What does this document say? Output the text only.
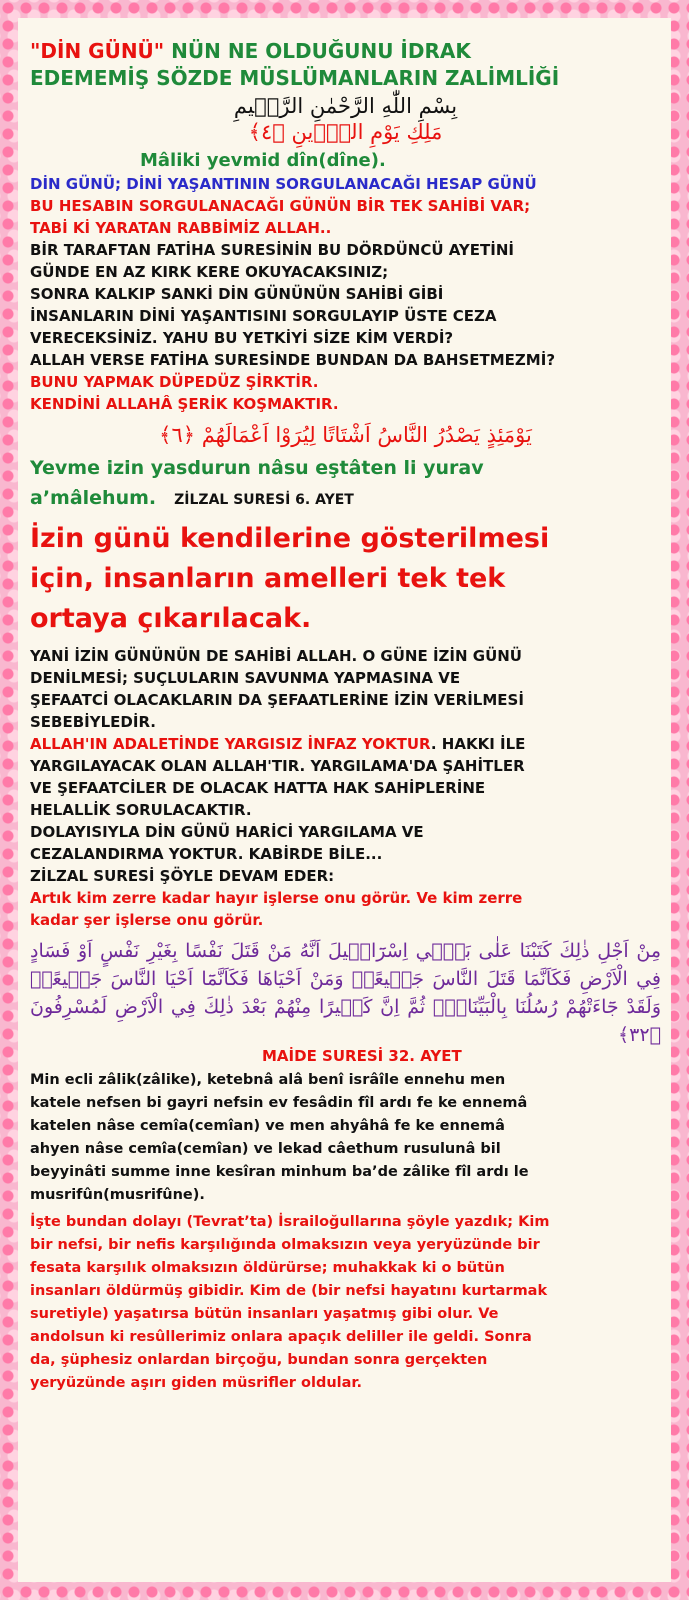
"DİN GÜNÜ" NÜN NE OLDUĞUNU İDRAK

EDEMEMİŞ SÖZDE MÜSLÜMANLARIN ZALİMLİĞİ

بِسْمِ اللّٰهِ الرَّحْمٰنِ الرَّح۪يمِ

مَلِكِ يَوْمِ الدّ۪ينِ ﴿٤﴾

Mâliki yevmid dîn(dîne).

DİN GÜNÜ; DİNİ YAŞANTININ SORGULANACAĞI HESAP GÜNÜ

BU HESABIN SORGULANACAĞI GÜNÜN BİR TEK SAHİBİ VAR;

TABİ Kİ YARATAN RABBİMİZ ALLAH..

BİR TARAFTAN FATİHA SURESİNİN BU DÖRDÜNCÜ AYETİNİ

GÜNDE EN AZ KIRK KERE OKUYACAKSINIZ;

SONRA KALKIP SANKİ DİN GÜNÜNÜN SAHİBİ GİBİ

İNSANLARIN DİNİ YAŞANTISINI SORGULAYIP ÜSTE CEZA

VERECEKSİNİZ. YAHU BU YETKİYİ SİZE KİM VERDİ?

ALLAH VERSE FATİHA SURESİNDE BUNDAN DA BAHSETMEZMİ?

BUNU YAPMAK DÜPEDÜZ ŞİRKTİR.

KENDİNİ ALLAHÂ ŞERİK KOŞMAKTIR.

يَوْمَئِذٍ يَصْدُرُ النَّاسُ اَشْتَاتًا لِيُرَوْا اَعْمَالَهُمْ ﴿٦﴾

Yevme izin yasdurun nâsu eştâten li yurav

a’mâlehum. ZİLZAL SURESİ 6. AYET

İzin günü kendilerine gösterilmesi
için, insanların amelleri tek tek
ortaya çıkarılacak.

YANİ İZİN GÜNÜNÜN DE SAHİBİ ALLAH. O GÜNE İZİN GÜNÜ

DENİLMESİ; SUÇLULARIN SAVUNMA YAPMASINA VE

ŞEFAATCİ OLACAKLARIN DA ŞEFAATLERİNE İZİN VERİLMESİ

SEBEBİYLEDİR.

ALLAH'IN ADALETİNDE YARGISIZ İNFAZ YOKTUR. HAKKI İLE

YARGILAYACAK OLAN ALLAH'TIR. YARGILAMA'DA ŞAHİTLER

VE ŞEFAATCİLER DE OLACAK HATTA HAK SAHİPLERİNE

HELALLİK SORULACAKTIR.

DOLAYISIYLA DİN GÜNÜ HARİCİ YARGILAMA VE

CEZALANDIRMA YOKTUR. KABİRDE BİLE...

ZİLZAL SURESİ ŞÖYLE DEVAM EDER:

Artık kim zerre kadar hayır işlerse onu görür. Ve kim zerre

kadar şer işlerse onu görür.

مِنْ اَجْلِ ذٰلِكَ كَتَبْنَا عَلٰى بَن۪ٓي اِسْرَٓائ۪يلَ اَنَّهُ مَنْ قَتَلَ نَفْسًا بِغَيْرِ نَفْسٍ اَوْ فَسَادٍ فِي الْاَرْضِ فَكَاَنَّمَا قَتَلَ النَّاسَ جَم۪يعًاۜ وَمَنْ اَحْيَاهَا فَكَاَنَّمَٓا اَحْيَا النَّاسَ جَم۪يعًاۜ وَلَقَدْ جَٓاءَتْهُمْ رُسُلُنَا بِالْبَيِّنَاتِۘ ثُمَّ اِنَّ كَث۪يرًا مِنْهُمْ بَعْدَ ذٰلِكَ فِي الْاَرْضِ لَمُسْرِفُونَ ﴿٣٢﴾

MAİDE SURESİ 32. AYET

Min ecli zâlik(zâlike), ketebnâ alâ benî isrâîle ennehu men

katele nefsen bi gayri nefsin ev fesâdin fîl ardı fe ke ennemâ

katelen nâse cemîa(cemîan) ve men ahyâhâ fe ke ennemâ

ahyen nâse cemîa(cemîan) ve lekad câethum rusulunâ bil

beyyinâti summe inne kesîran minhum ba’de zâlike fîl ardı le

musrifûn(musrifûne).

İşte bundan dolayı (Tevrat’ta) İsrailoğullarına şöyle yazdık; Kim

bir nefsi, bir nefis karşılığında olmaksızın veya yeryüzünde bir

fesata karşılık olmaksızın öldürürse; muhakkak ki o bütün

insanları öldürmüş gibidir. Kim de (bir nefsi hayatını kurtarmak

suretiyle) yaşatırsa bütün insanları yaşatmış gibi olur. Ve

andolsun ki resûllerimiz onlara apaçık deliller ile geldi. Sonra

da, şüphesiz onlardan birçoğu, bundan sonra gerçekten

yeryüzünde aşırı giden müsrifler oldular.
